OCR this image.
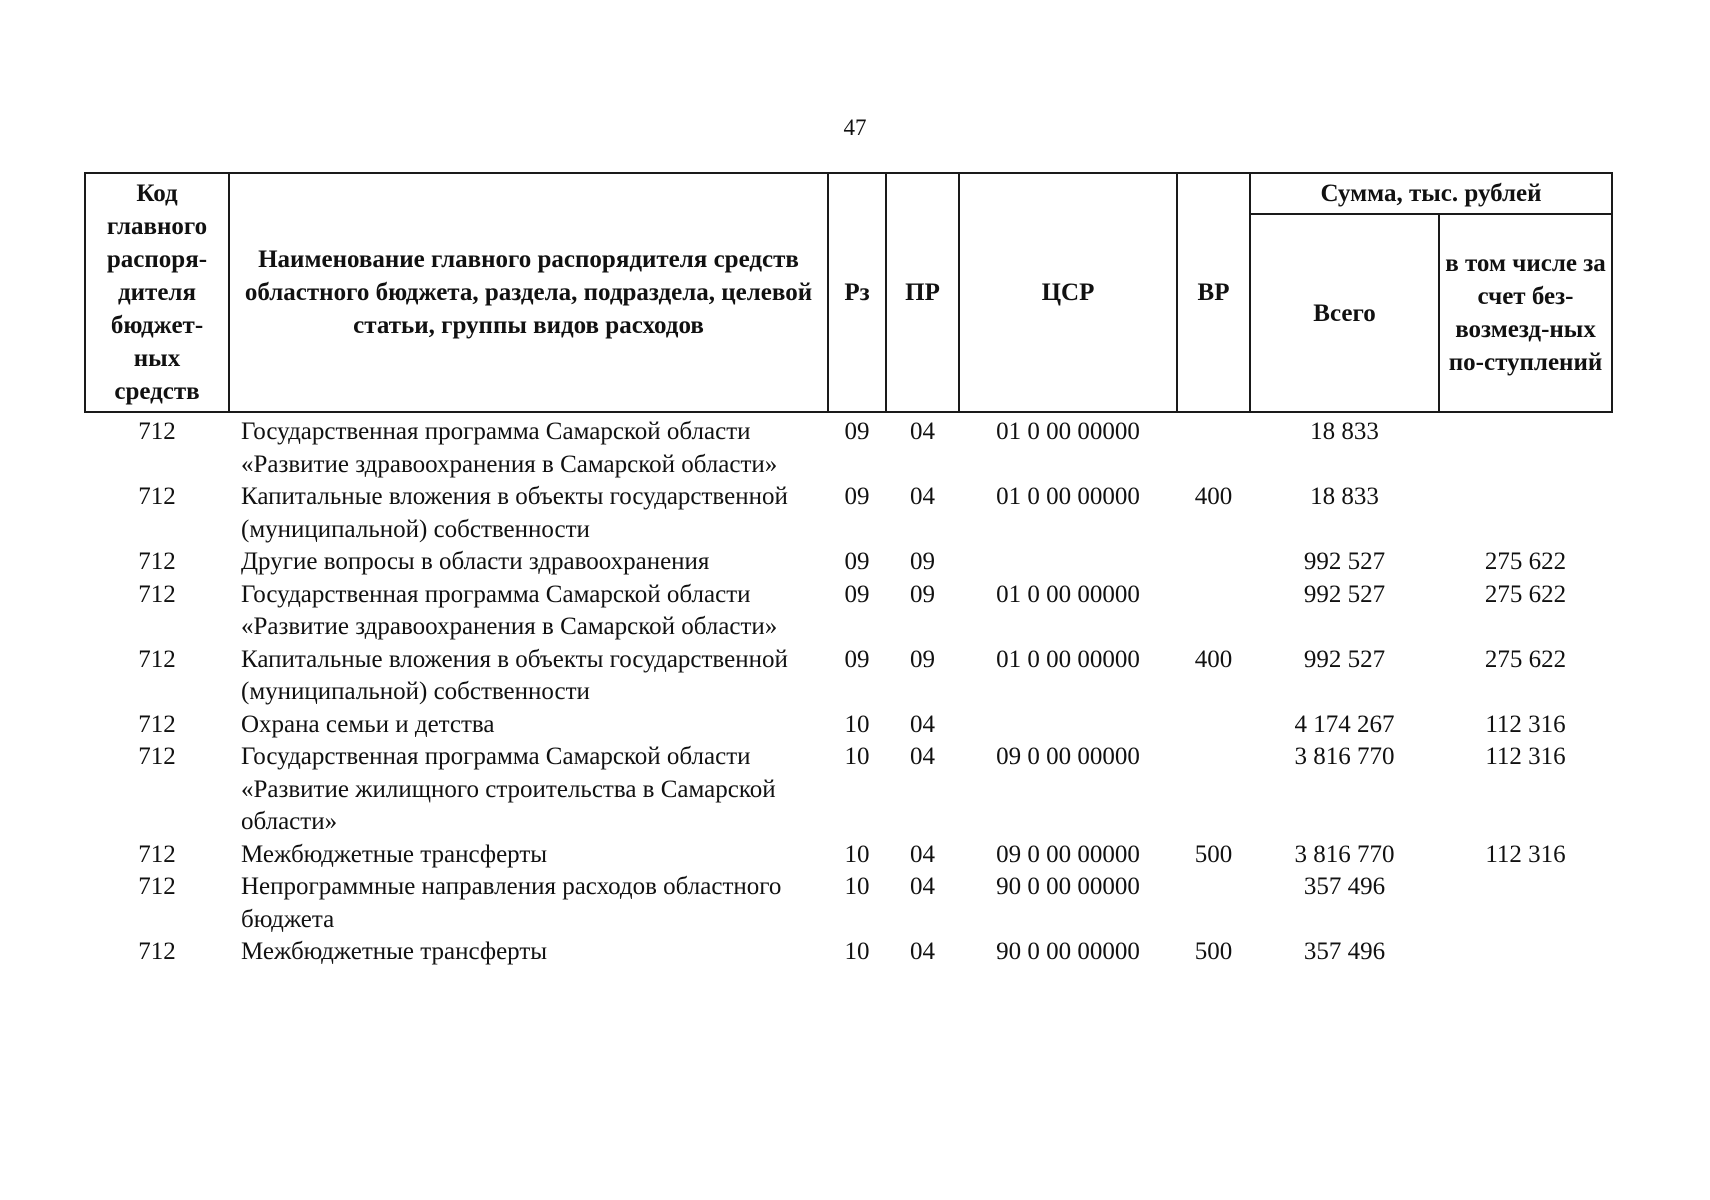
47
Код главного распоря-дителя бюджет-ных средств	Наименование главного распорядителя средств областного бюджета, раздела, подраздела, целевой статьи, группы видов расходов	Рз	ПР	ЦСР	ВР	Сумма, тыс. рублей	
						Всего	в том числе за счет без-возмезд-ных по-ступлений
712	Государственная программа Самарской области «Развитие здравоохранения в Самарской области»	09	04	01 0 00 00000		18 833	
712	Капитальные вложения в объекты государственной (муниципальной) собственности	09	04	01 0 00 00000	400	18 833	
712	Другие вопросы в области здравоохранения	09	09			992 527	275 622
712	Государственная программа Самарской области «Развитие здравоохранения в Самарской области»	09	09	01 0 00 00000		992 527	275 622
712	Капитальные вложения в объекты государственной (муниципальной) собственности	09	09	01 0 00 00000	400	992 527	275 622
712	Охрана семьи и детства	10	04			4 174 267	112 316
712	Государственная программа Самарской области «Развитие жилищного строительства в Самарской области»	10	04	09 0 00 00000		3 816 770	112 316
712	Межбюджетные трансферты	10	04	09 0 00 00000	500	3 816 770	112 316
712	Непрограммные направления расходов областного бюджета	10	04	90 0 00 00000		357 496	
712	Межбюджетные трансферты	10	04	90 0 00 00000	500	357 496	
